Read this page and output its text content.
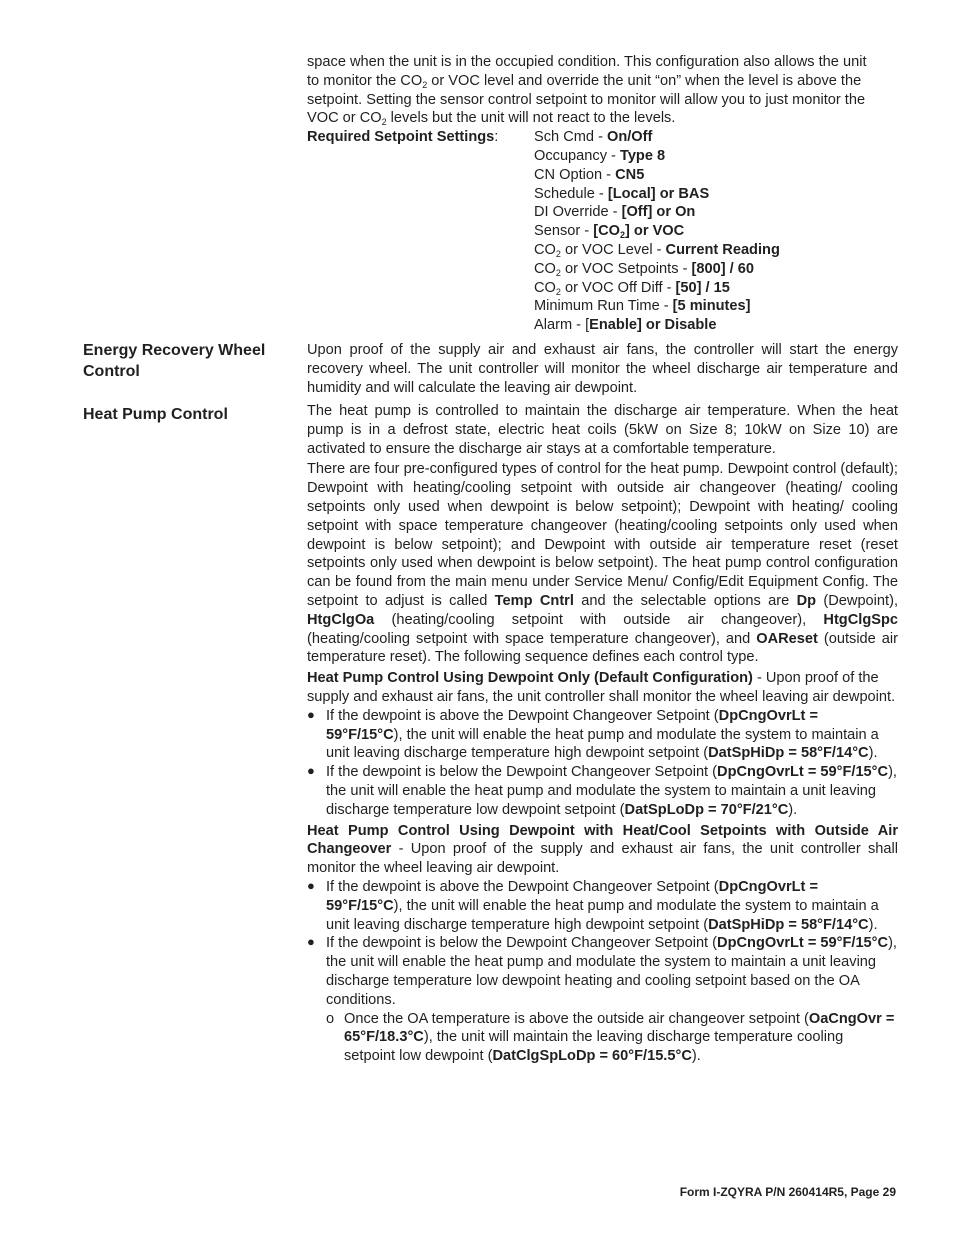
space when the unit is in the occupied condition. This configuration also allows the unit

to monitor the $CO_2$ or VOC level and override the unit “on” when the level is above the

setpoint. Setting the sensor control setpoint to monitor will allow you to just monitor the

VOC or $CO_2$ levels but the unit will not react to the levels.

Required Setpoint Settings:	Sch Cmd - On/Off
Occupancy - Type 8
CN Option - CN5
Schedule - [Local] or BAS
DI Override - [Off] or On
Sensor - $[CO_2]$ or VOC
$CO_2$ or VOC Level - Current Reading
$CO_2$ or VOC Setpoints - [800] / 60
$CO_2$ or VOC Off Diff - [50] / 15
Minimum Run Time - [5 minutes]
Alarm - [Enable] or Disable
Energy Recovery Wheel Control

Upon proof of the supply air and exhaust air fans, the controller will start the energy recovery wheel. The unit controller will monitor the wheel discharge air temperature and humidity and will calculate the leaving air dewpoint.

Heat Pump Control	The heat pump is controlled to maintain the discharge air temperature. When the heat pump is in a defrost state, electric heat coils (5kW on Size 8; 10kW on Size 10) are activated to ensure the discharge air stays at a comfortable temperature.

There are four pre-configured types of control for the heat pump. Dewpoint control (default); Dewpoint with heating/cooling setpoint with outside air changeover (heating/ cooling setpoints only used when dewpoint is below setpoint); Dewpoint with heating/ cooling setpoint with space temperature changeover (heating/cooling setpoints only used when dewpoint is below setpoint); and Dewpoint with outside air temperature reset (reset setpoints only used when dewpoint is below setpoint). The heat pump control configuration can be found from the main menu under Service Menu/ Config/Edit Equipment Config. The setpoint to adjust is called Temp Cntrl and the selectable options are Dp (Dewpoint), HtgClgOa (heating/cooling setpoint with outside air changeover), HtgClgSpc (heating/cooling setpoint with space temperature changeover), and OAReset (outside air temperature reset). The following sequence defines each control type.

Heat Pump Control Using Dewpoint Only (Default Configuration) - Upon proof of the supply and exhaust air fans, the unit controller shall monitor the wheel leaving air dewpoint.

● If the dewpoint is above the Dewpoint Changeover Setpoint (DpCngOvrLt = 59°F/15°C), the unit will enable the heat pump and modulate the system to maintain a unit leaving discharge temperature high dewpoint setpoint (DatSpHiDp = 58°F/14°C).
● If the dewpoint is below the Dewpoint Changeover Setpoint (DpCngOvrLt = 59°F/15°C), the unit will enable the heat pump and modulate the system to maintain a unit leaving discharge temperature low dewpoint setpoint (DatSpLoDp = 70°F/21°C).

Heat Pump Control Using Dewpoint with Heat/Cool Setpoints with Outside Air Changeover - Upon proof of the supply and exhaust air fans, the unit controller shall monitor the wheel leaving air dewpoint.

● If the dewpoint is above the Dewpoint Changeover Setpoint (DpCngOvrLt = 59°F/15°C), the unit will enable the heat pump and modulate the system to maintain a unit leaving discharge temperature high dewpoint setpoint (DatSpHiDp = 58°F/14°C).
● If the dewpoint is below the Dewpoint Changeover Setpoint (DpCngOvrLt = 59°F/15°C), the unit will enable the heat pump and modulate the system to maintain a unit leaving discharge temperature low dewpoint heating and cooling setpoint based on the OA conditions.
o Once the OA temperature is above the outside air changeover setpoint (OaCngOvr = 65°F/18.3°C), the unit will maintain the leaving discharge temperature cooling setpoint low dewpoint (DatClgSpLoDp = 60°F/15.5°C).
Form I-ZQYRA P/N 260414R5, Page 29
